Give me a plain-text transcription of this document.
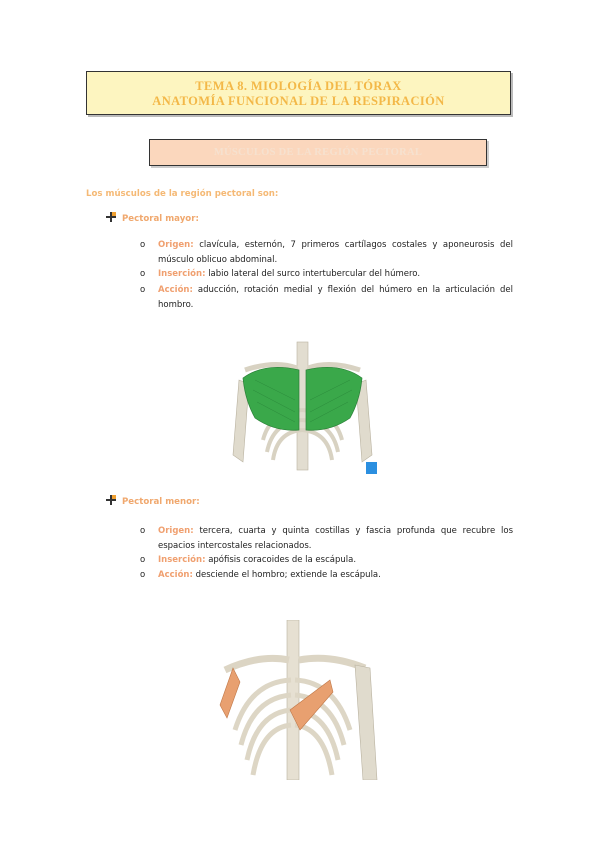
TEMA 8. MIOLOGÍA DEL TÓRAX
ANATOMÍA FUNCIONAL DE LA RESPIRACIÓN
MÚSCULOS DE LA REGIÓN PECTORAL
Los músculos de la región pectoral son:
Pectoral mayor:
o Origen: clavícula, esternón, 7 primeros cartílagos costales y aponeurosis del músculo oblicuo abdominal.
o Inserción: labio lateral del surco intertubercular del húmero.
o Acción: aducción, rotación medial y flexión del húmero en la articulación del hombro.
Pectoral menor:
o Origen: tercera, cuarta y quinta costillas y fascia profunda que recubre los espacios intercostales relacionados.
o Inserción: apófisis coracoides de la escápula.
o Acción: desciende el hombro; extiende la escápula.
